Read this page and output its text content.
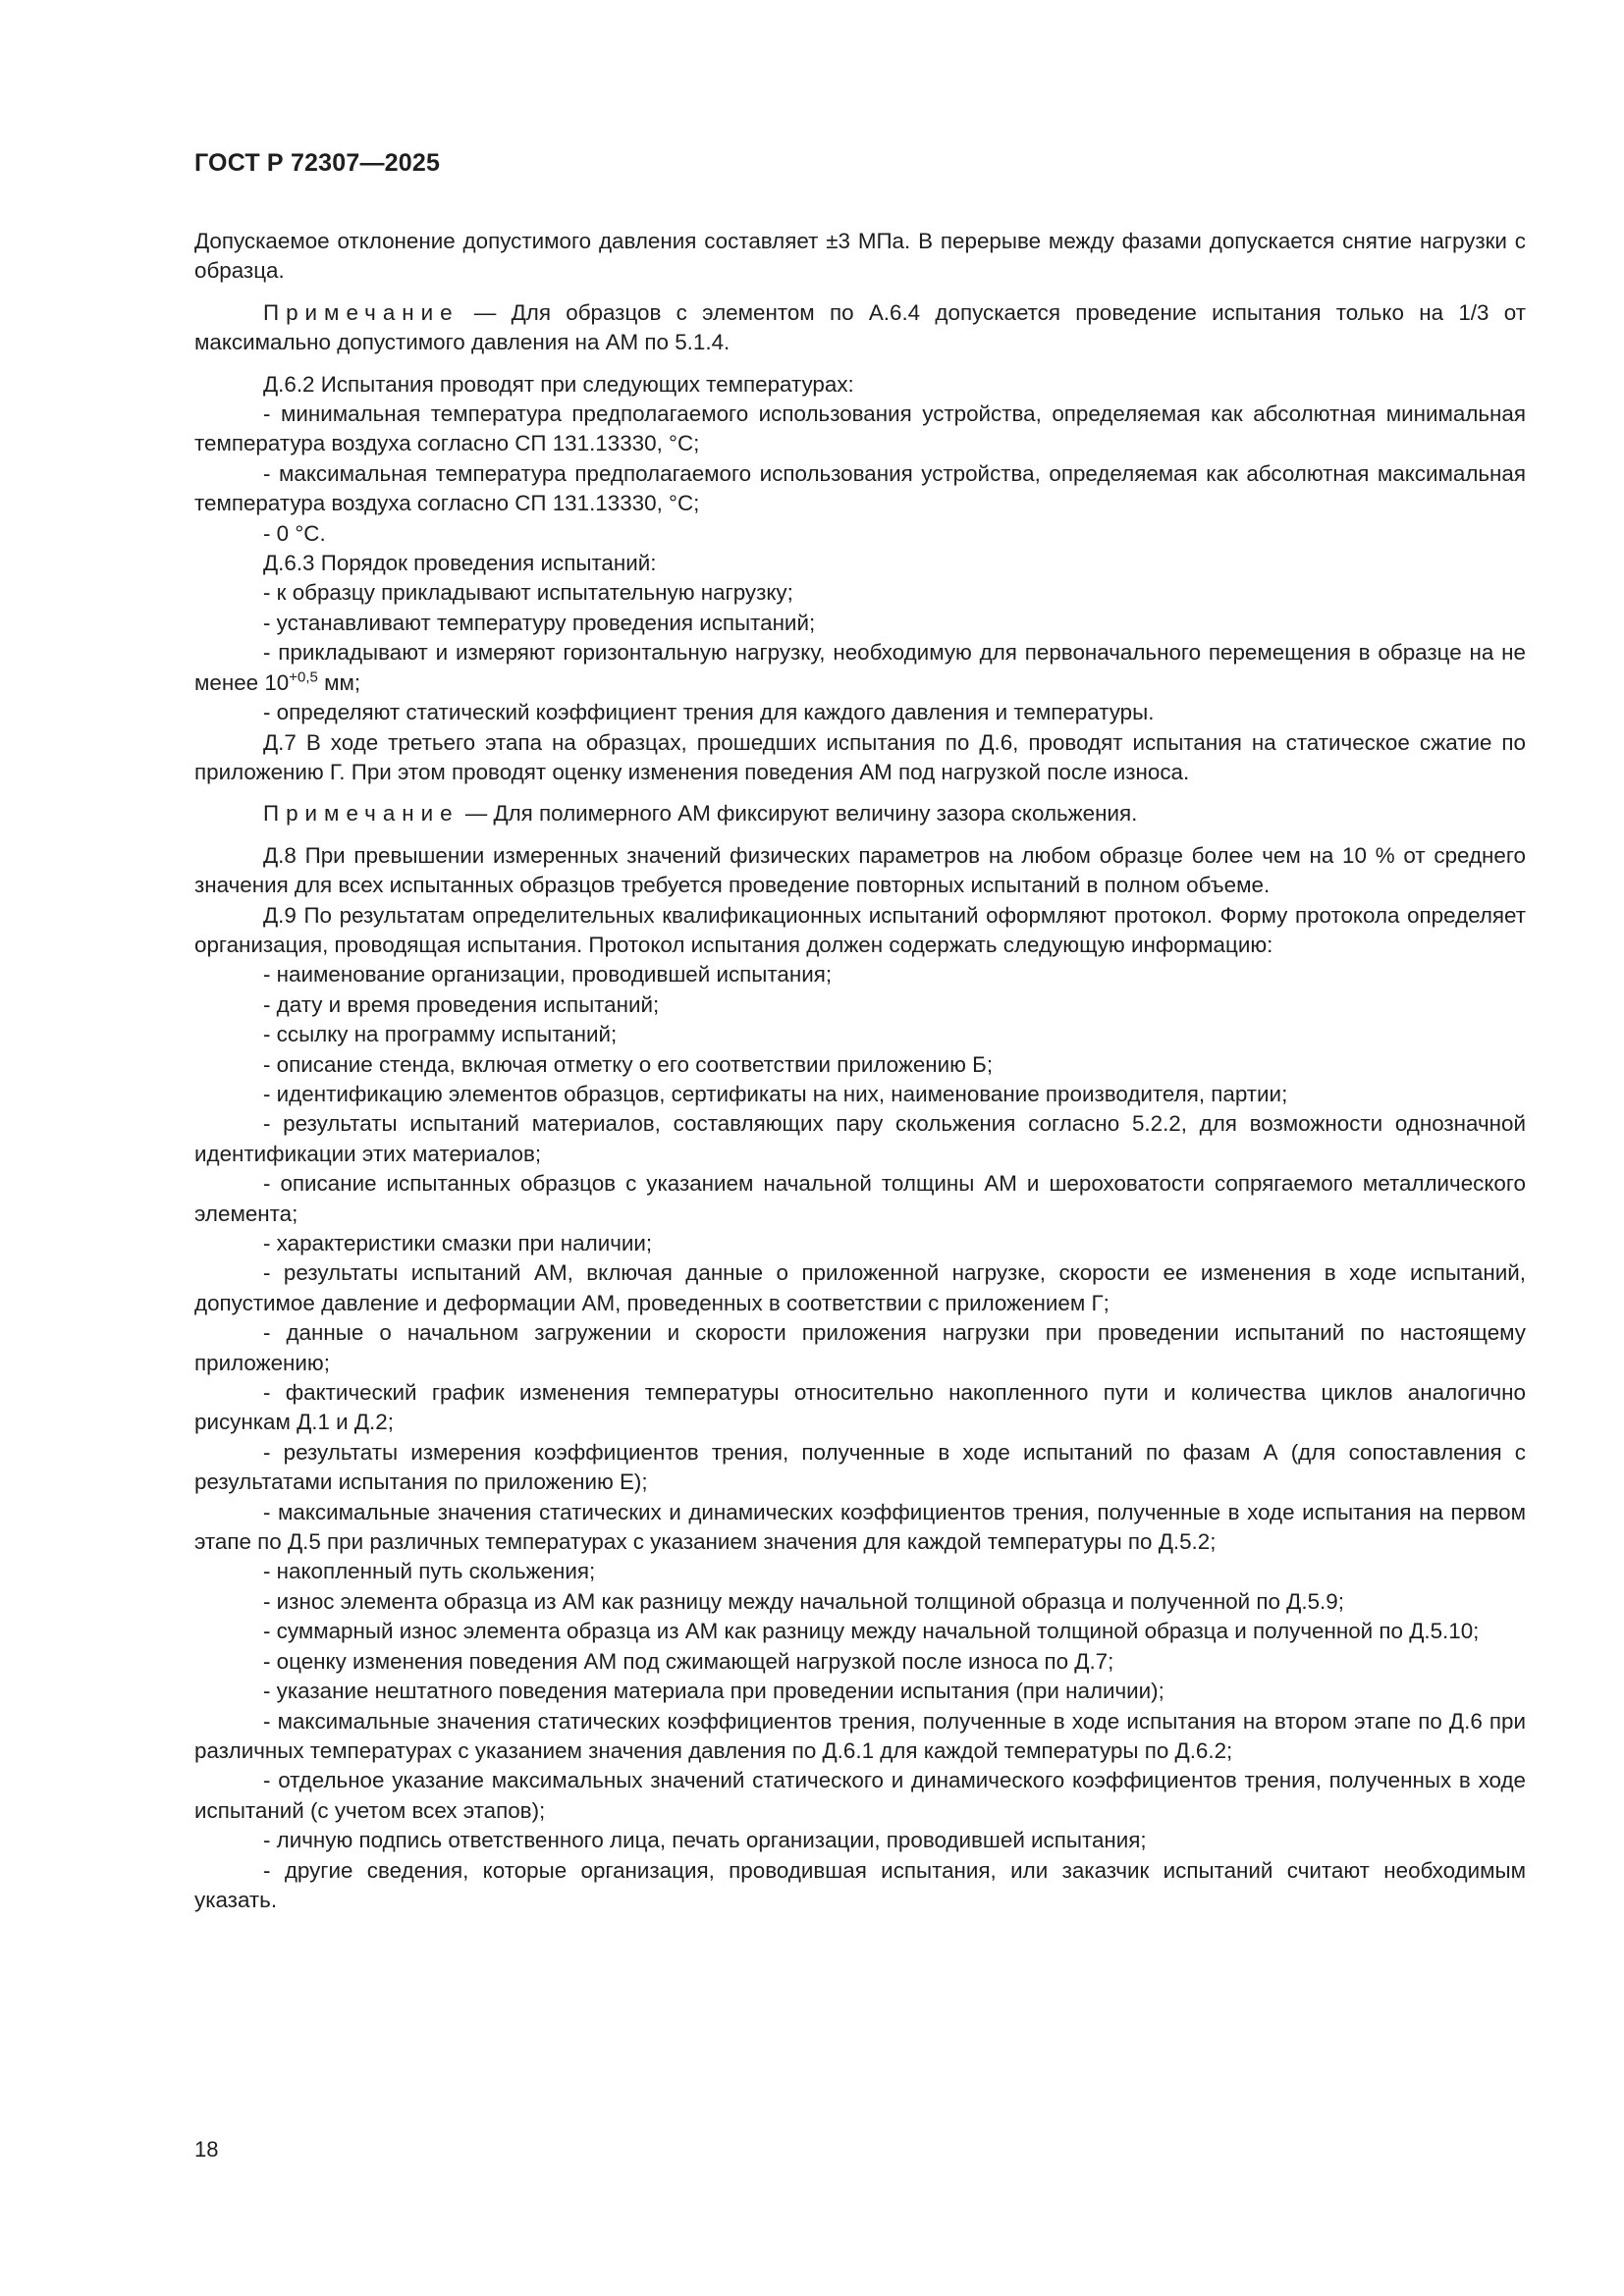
ГОСТ Р 72307—2025

Допускаемое отклонение допустимого давления составляет ±3 МПа. В перерыве между фазами допускается снятие нагрузки с образца.

Примечание — Для образцов с элементом по А.6.4 допускается проведение испытания только на 1/3 от максимально допустимого давления на АМ по 5.1.4.

Д.6.2 Испытания проводят при следующих температурах:

- минимальная температура предполагаемого использования устройства, определяемая как абсолютная минимальная температура воздуха согласно СП 131.13330, °С;

- максимальная температура предполагаемого использования устройства, определяемая как абсолютная максимальная температура воздуха согласно СП 131.13330, °С;

- 0 °С.

Д.6.3 Порядок проведения испытаний:

- к образцу прикладывают испытательную нагрузку;

- устанавливают температуру проведения испытаний;

- прикладывают и измеряют горизонтальную нагрузку, необходимую для первоначального перемещения в образце на не менее $10^{+0,5}$ мм;

- определяют статический коэффициент трения для каждого давления и температуры.

Д.7 В ходе третьего этапа на образцах, прошедших испытания по Д.6, проводят испытания на статическое сжатие по приложению Г. При этом проводят оценку изменения поведения АМ под нагрузкой после износа.

Примечание — Для полимерного АМ фиксируют величину зазора скольжения.

Д.8 При превышении измеренных значений физических параметров на любом образце более чем на 10 % от среднего значения для всех испытанных образцов требуется проведение повторных испытаний в полном объеме.

Д.9 По результатам определительных квалификационных испытаний оформляют протокол. Форму протокола определяет организация, проводящая испытания. Протокол испытания должен содержать следующую информацию:

- наименование организации, проводившей испытания;

- дату и время проведения испытаний;

- ссылку на программу испытаний;

- описание стенда, включая отметку о его соответствии приложению Б;

- идентификацию элементов образцов, сертификаты на них, наименование производителя, партии;

- результаты испытаний материалов, составляющих пару скольжения согласно 5.2.2, для возможности однозначной идентификации этих материалов;

- описание испытанных образцов с указанием начальной толщины АМ и шероховатости сопрягаемого металлического элемента;

- характеристики смазки при наличии;

- результаты испытаний АМ, включая данные о приложенной нагрузке, скорости ее изменения в ходе испытаний, допустимое давление и деформации АМ, проведенных в соответствии с приложением Г;

- данные о начальном загружении и скорости приложения нагрузки при проведении испытаний по настоящему приложению;

- фактический график изменения температуры относительно накопленного пути и количества циклов аналогично рисункам Д.1 и Д.2;

- результаты измерения коэффициентов трения, полученные в ходе испытаний по фазам А (для сопоставления с результатами испытания по приложению Е);

- максимальные значения статических и динамических коэффициентов трения, полученные в ходе испытания на первом этапе по Д.5 при различных температурах с указанием значения для каждой температуры по Д.5.2;

- накопленный путь скольжения;

- износ элемента образца из АМ как разницу между начальной толщиной образца и полученной по Д.5.9;

- суммарный износ элемента образца из АМ как разницу между начальной толщиной образца и полученной по Д.5.10;

- оценку изменения поведения АМ под сжимающей нагрузкой после износа по Д.7;

- указание нештатного поведения материала при проведении испытания (при наличии);

- максимальные значения статических коэффициентов трения, полученные в ходе испытания на втором этапе по Д.6 при различных температурах с указанием значения давления по Д.6.1 для каждой температуры по Д.6.2;

- отдельное указание максимальных значений статического и динамического коэффициентов трения, полученных в ходе испытаний (с учетом всех этапов);

- личную подпись ответственного лица, печать организации, проводившей испытания;

- другие сведения, которые организация, проводившая испытания, или заказчик испытаний считают необходимым указать.

18
